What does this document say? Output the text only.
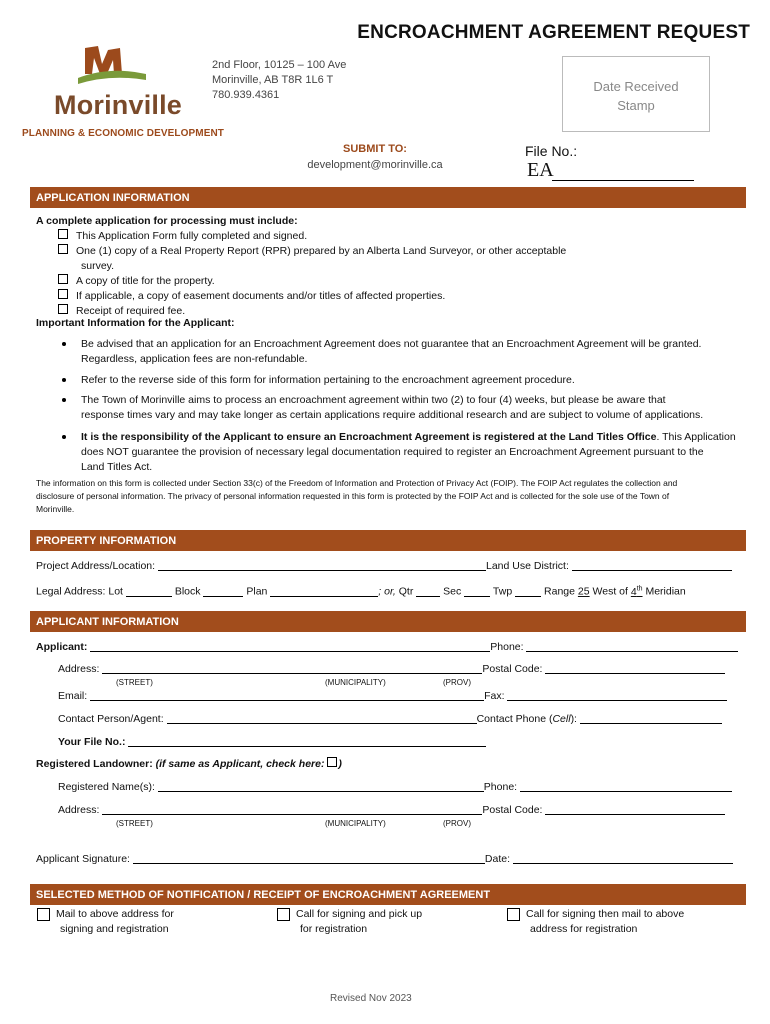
ENCROACHMENT AGREEMENT REQUEST
Morinville
PLANNING & ECONOMIC DEVELOPMENT
2nd Floor, 10125 – 100 Ave
Morinville, AB T8R 1L6 T
780.939.4361
Date Received
Stamp
SUBMIT TO:
development@morinville.ca
File No.:
EA
APPLICATION INFORMATION
A complete application for processing must include:
This Application Form fully completed and signed.
One (1) copy of a Real Property Report (RPR) prepared by an Alberta Land Surveyor, or other acceptable
survey.
A copy of title for the property.
If applicable, a copy of easement documents and/or titles of affected properties.
Receipt of required fee.
Important Information for the Applicant:
Be advised that an application for an Encroachment Agreement does not guarantee that an Encroachment Agreement will be granted.
Regardless, application fees are non-refundable.
Refer to the reverse side of this form for information pertaining to the encroachment agreement procedure.
The Town of Morinville aims to process an encroachment agreement within two (2) to four (4) weeks, but please be aware that
response times vary and may take longer as certain applications require additional research and are subject to volume of applications.
It is the responsibility of the Applicant to ensure an Encroachment Agreement is registered at the Land Titles Office. This Application
does NOT guarantee the provision of necessary legal documentation required to register an Encroachment Agreement pursuant to the
Land Titles Act.
The information on this form is collected under Section 33(c) of the Freedom of Information and Protection of Privacy Act (FOIP). The FOIP Act regulates the collection and
disclosure of personal information. The privacy of personal information requested in this form is protected by the FOIP Act and is collected for the sole use of the Town of
Morinville.
PROPERTY INFORMATION
Project Address/Location:	Land Use District:
Legal Address: Lot	Block	Plan	; or, Qtr	Sec	Twp	Range 25 West of 4th Meridian
APPLICANT INFORMATION
Applicant:	Phone:
Address:	Postal Code:
(STREET)	(MUNICIPALITY)	(PROV)
Email:	Fax:
Contact Person/Agent:	Contact Phone (Cell):
Your File No.:
Registered Landowner: (if same as Applicant, check here: )
Registered Name(s):	Phone:
Address:	Postal Code:
(STREET)	(MUNICIPALITY)	(PROV)
Applicant Signature:	Date:
SELECTED METHOD OF NOTIFICATION / RECEIPT OF ENCROACHMENT AGREEMENT
Mail to above address for
signing and registration
Call for signing and pick up
for registration
Call for signing then mail to above
address for registration
Revised Nov 2023
